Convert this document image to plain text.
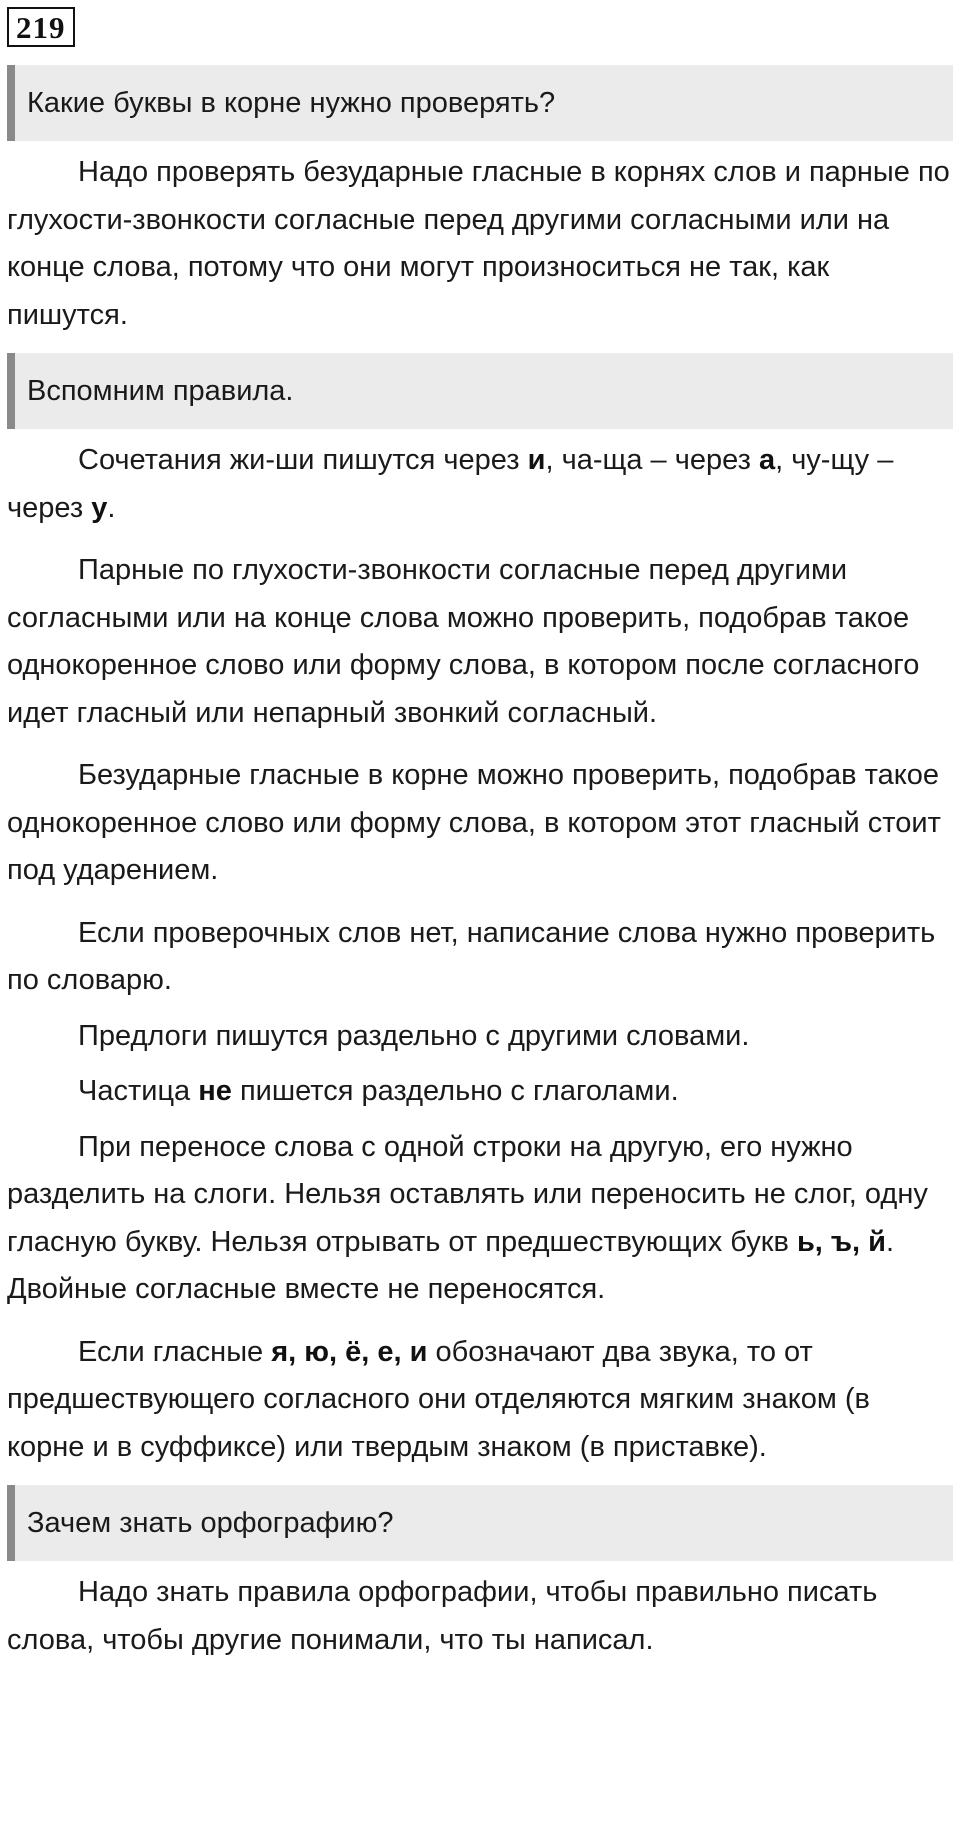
219
Какие буквы в корне нужно проверять?

Надо проверять безударные гласные в корнях слов и парные по глухости-звонкости согласные перед другими согласными или на конце слова, потому что они могут произноситься не так, как пишутся.

Вспомним правила.

Сочетания жи-ши пишутся через и, ча-ща – через а, чу-щу – через у.

Парные по глухости-звонкости согласные перед другими согласными или на конце слова можно проверить, подобрав такое однокоренное слово или форму слова, в котором после согласного идет гласный или непарный звонкий согласный.

Безударные гласные в корне можно проверить, подобрав такое однокоренное слово или форму слова, в котором этот гласный стоит под ударением.

Если проверочных слов нет, написание слова нужно проверить по словарю.

Предлоги пишутся раздельно с другими словами.

Частица не пишется раздельно с глаголами.

При переносе слова с одной строки на другую, его нужно разделить на слоги. Нельзя оставлять или переносить не слог, одну гласную букву. Нельзя отрывать от предшествующих букв ь, ъ, й. Двойные согласные вместе не переносятся.

Если гласные я, ю, ё, е, и обозначают два звука, то от предшествующего согласного они отделяются мягким знаком (в корне и в суффиксе) или твердым знаком (в приставке).

Зачем знать орфографию?

Надо знать правила орфографии, чтобы правильно писать слова, чтобы другие понимали, что ты написал.
